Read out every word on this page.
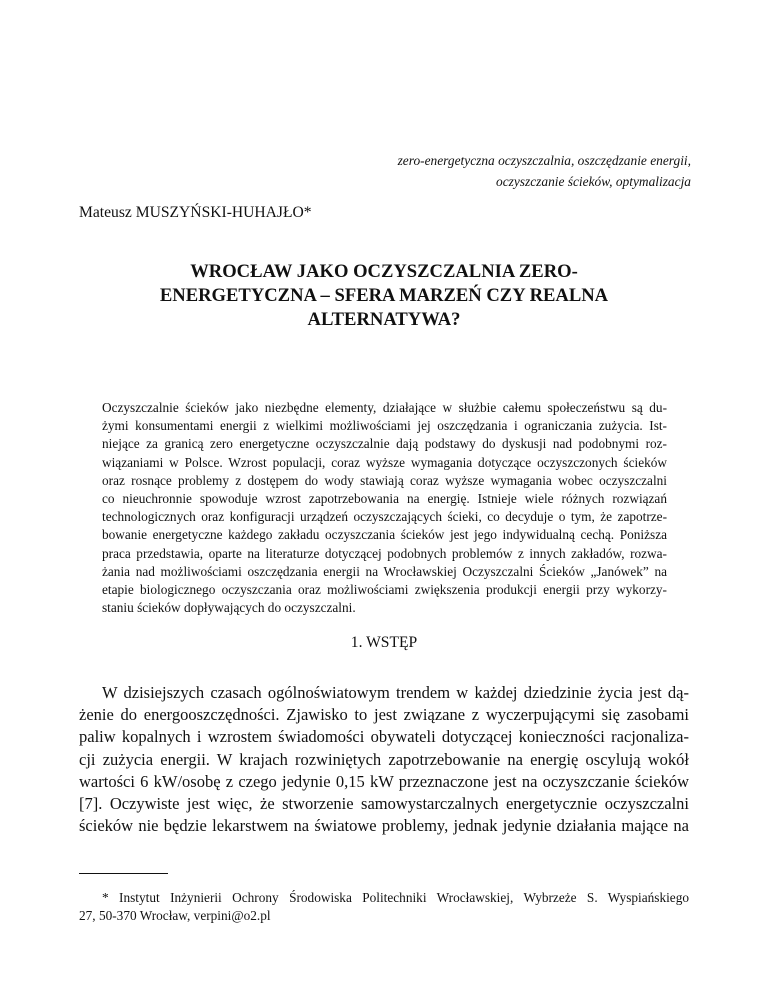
zero-energetyczna oczyszczalnia, oszczędzanie energii,
oczyszczanie ścieków, optymalizacja
Mateusz MUSZYŃSKI-HUHAJŁO*
WROCŁAW JAKO OCZYSZCZALNIA ZERO-
ENERGETYCZNA – SFERA MARZEŃ CZY REALNA
ALTERNATYWA?
Oczyszczalnie ścieków jako niezbędne elementy, działające w służbie całemu społeczeństwu są du-
żymi konsumentami energii z wielkimi możliwościami jej oszczędzania i ograniczania zużycia. Ist-
niejące za granicą zero energetyczne oczyszczalnie dają podstawy do dyskusji nad podobnymi roz-
wiązaniami w Polsce. Wzrost populacji, coraz wyższe wymagania dotyczące oczyszczonych ścieków
oraz rosnące problemy z dostępem do wody stawiają coraz wyższe wymagania wobec oczyszczalni
co nieuchronnie spowoduje wzrost zapotrzebowania na energię. Istnieje wiele różnych rozwiązań
technologicznych oraz konfiguracji urządzeń oczyszczających ścieki, co decyduje o tym, że zapotrze-
bowanie energetyczne każdego zakładu oczyszczania ścieków jest jego indywidualną cechą. Poniższa
praca przedstawia, oparte na literaturze dotyczącej podobnych problemów z innych zakładów, rozwa-
żania nad możliwościami oszczędzania energii na Wrocławskiej Oczyszczalni Ścieków „Janówek” na
etapie biologicznego oczyszczania oraz możliwościami zwiększenia produkcji energii przy wykorzy-
staniu ścieków dopływających do oczyszczalni.
1. WSTĘP
W dzisiejszych czasach ogólnoświatowym trendem w każdej dziedzinie życia jest dą-
żenie do energooszczędności. Zjawisko to jest związane z wyczerpującymi się zasobami
paliw kopalnych i wzrostem świadomości obywateli dotyczącej konieczności racjonaliza-
cji zużycia energii. W krajach rozwiniętych zapotrzebowanie na energię oscylują wokół
wartości 6 kW/osobę z czego jedynie 0,15 kW przeznaczone jest na oczyszczanie ścieków
[7]. Oczywiste jest więc, że stworzenie samowystarczalnych energetycznie oczyszczalni
ścieków nie będzie lekarstwem na światowe problemy, jednak jedynie działania mające na
* Instytut Inżynierii Ochrony Środowiska Politechniki Wrocławskiej, Wybrzeże S. Wyspiańskiego
27, 50-370 Wrocław, verpini@o2.pl
